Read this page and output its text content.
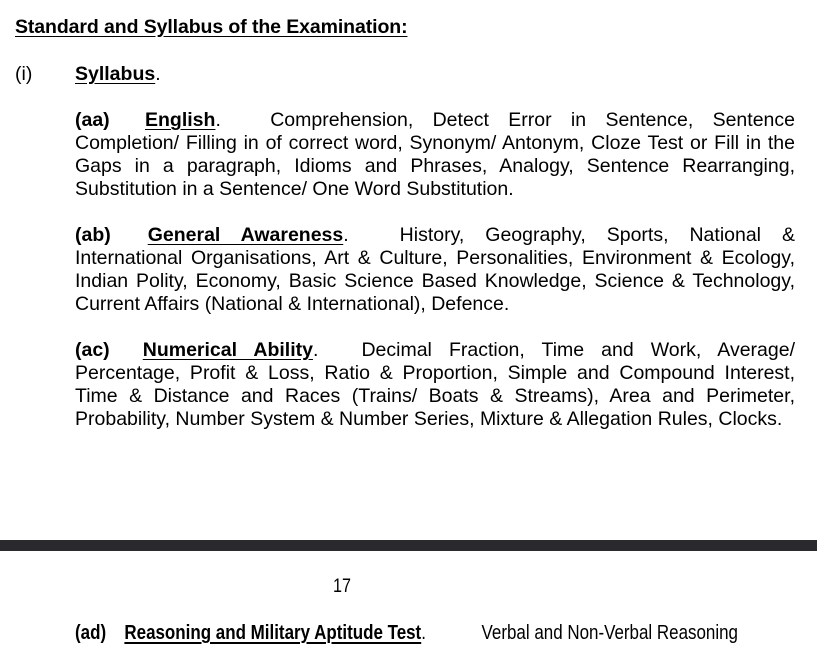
Standard and Syllabus of the Examination:
(i) Syllabus.
(aa) English.	Comprehension, Detect Error in Sentence, Sentence Completion/ Filling in of correct word, Synonym/ Antonym, Cloze Test or Fill in the Gaps in a paragraph, Idioms and Phrases, Analogy, Sentence Rearranging, Substitution in a Sentence/ One Word Substitution.
(ab) General Awareness.	History, Geography, Sports, National & International Organisations, Art & Culture, Personalities, Environment & Ecology, Indian Polity, Economy, Basic Science Based Knowledge, Science & Technology, Current Affairs (National & International), Defence.
(ac) Numerical Ability. Decimal Fraction, Time and Work, Average/ Percentage, Profit & Loss, Ratio & Proportion, Simple and Compound Interest, Time & Distance and Races (Trains/ Boats & Streams), Area and Perimeter, Probability, Number System & Number Series, Mixture & Allegation Rules, Clocks.
17
(ad) Reasoning and Military Aptitude Test.	Verbal and Non-Verbal Reasoning
